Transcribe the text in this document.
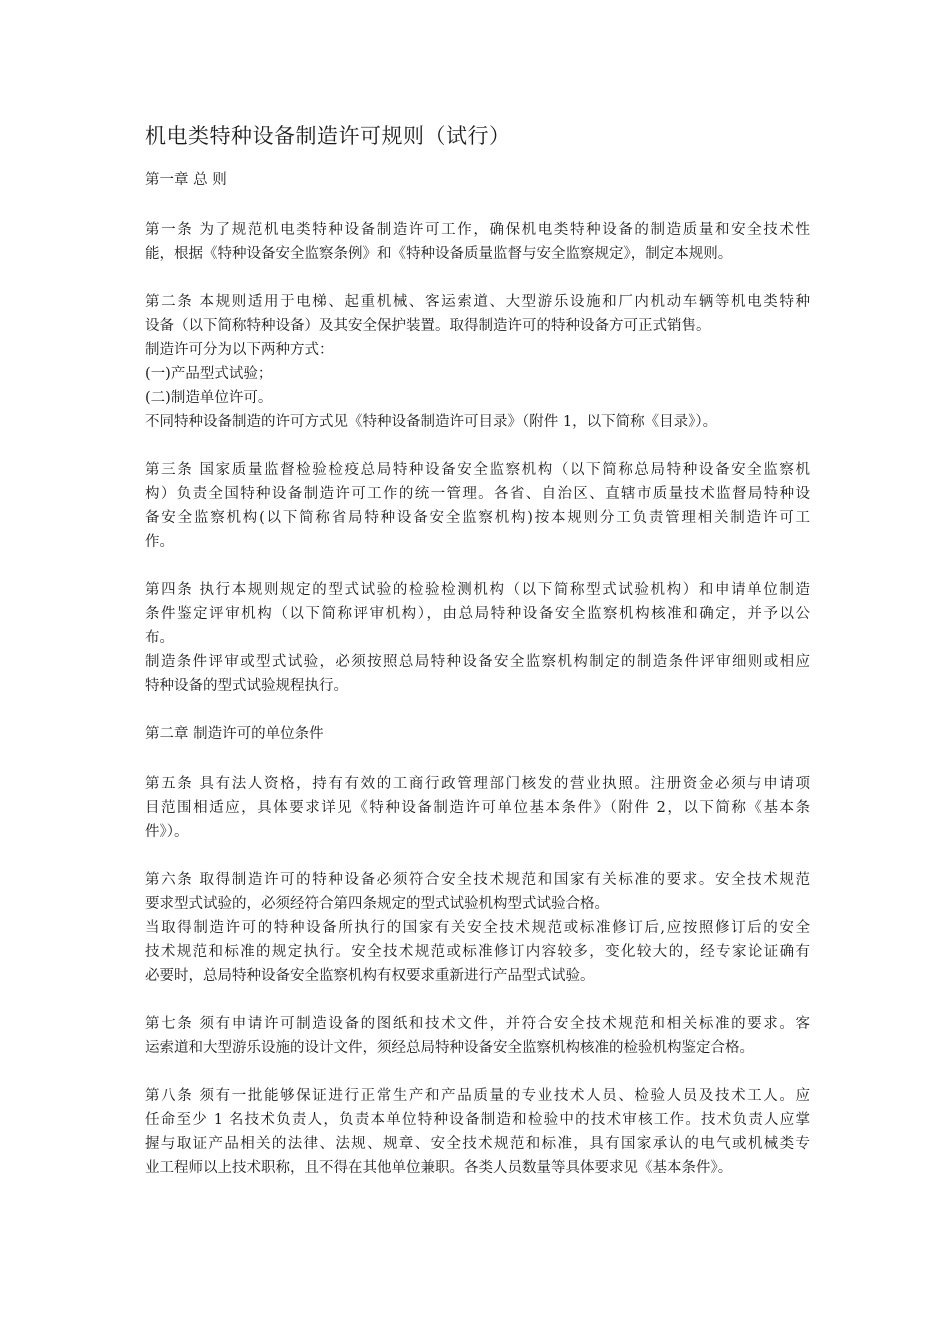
机电类特种设备制造许可规则（试行）
第一章 总 则
第一条 为了规范机电类特种设备制造许可工作，确保机电类特种设备的制造质量和安全技术性
能，根据《特种设备安全监察条例》和《特种设备质量监督与安全监察规定》，制定本规则。
第二条 本规则适用于电梯、起重机械、客运索道、大型游乐设施和厂内机动车辆等机电类特种
设备（以下简称特种设备）及其安全保护装置。取得制造许可的特种设备方可正式销售。
制造许可分为以下两种方式：
(一)产品型式试验；
(二)制造单位许可。
不同特种设备制造的许可方式见《特种设备制造许可目录》（附件 1，以下简称《目录》）。
第三条 国家质量监督检验检疫总局特种设备安全监察机构（以下简称总局特种设备安全监察机
构）负责全国特种设备制造许可工作的统一管理。各省、自治区、直辖市质量技术监督局特种设
备安全监察机构(以下简称省局特种设备安全监察机构)按本规则分工负责管理相关制造许可工
作。
第四条 执行本规则规定的型式试验的检验检测机构（以下简称型式试验机构）和申请单位制造
条件鉴定评审机构（以下简称评审机构），由总局特种设备安全监察机构核准和确定，并予以公
布。
制造条件评审或型式试验，必须按照总局特种设备安全监察机构制定的制造条件评审细则或相应
特种设备的型式试验规程执行。
第二章 制造许可的单位条件
第五条 具有法人资格，持有有效的工商行政管理部门核发的营业执照。注册资金必须与申请项
目范围相适应，具体要求详见《特种设备制造许可单位基本条件》（附件 2，以下简称《基本条
件》）。
第六条 取得制造许可的特种设备必须符合安全技术规范和国家有关标准的要求。安全技术规范
要求型式试验的，必须经符合第四条规定的型式试验机构型式试验合格。
当取得制造许可的特种设备所执行的国家有关安全技术规范或标准修订后,应按照修订后的安全
技术规范和标准的规定执行。安全技术规范或标准修订内容较多，变化较大的，经专家论证确有
必要时，总局特种设备安全监察机构有权要求重新进行产品型式试验。
第七条 须有申请许可制造设备的图纸和技术文件，并符合安全技术规范和相关标准的要求。客
运索道和大型游乐设施的设计文件，须经总局特种设备安全监察机构核准的检验机构鉴定合格。
第八条 须有一批能够保证进行正常生产和产品质量的专业技术人员、检验人员及技术工人。应
任命至少 1 名技术负责人，负责本单位特种设备制造和检验中的技术审核工作。技术负责人应掌
握与取证产品相关的法律、法规、规章、安全技术规范和标准，具有国家承认的电气或机械类专
业工程师以上技术职称，且不得在其他单位兼职。各类人员数量等具体要求见《基本条件》。
